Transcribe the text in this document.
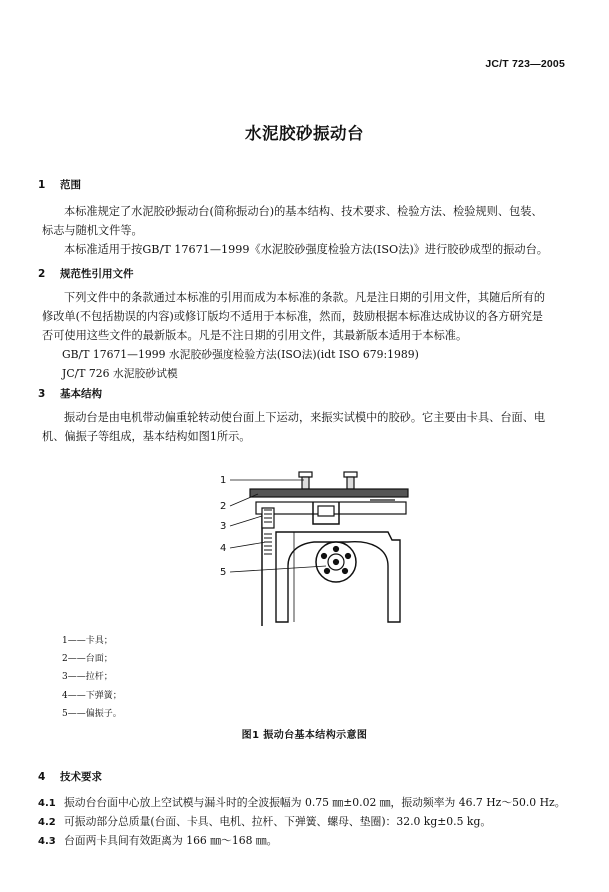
JC/T 723—2005
水泥胶砂振动台
1 范围
本标准规定了水泥胶砂振动台(简称振动台)的基本结构、技术要求、检验方法、检验规则、包装、
标志与随机文件等。
本标准适用于按GB/T 17671—1999《水泥胶砂强度检验方法(ISO法)》进行胶砂成型的振动台。
2 规范性引用文件
下列文件中的条款通过本标准的引用而成为本标准的条款。凡是注日期的引用文件，其随后所有的
修改单(不包括勘误的内容)或修订版均不适用于本标准，然而，鼓励根据本标准达成协议的各方研究是
否可使用这些文件的最新版本。凡是不注日期的引用文件，其最新版本适用于本标准。
GB/T 17671—1999 水泥胶砂强度检验方法(ISO法)(idt ISO 679:1989)
JC/T 726 水泥胶砂试模
3 基本结构
振动台是由电机带动偏重轮转动使台面上下运动，来振实试模中的胶砂。它主要由卡具、台面、电
机、偏振子等组成，基本结构如图1所示。
1
2
3
4
5
1——卡具；
2——台面；
3——拉杆；
4——下弹簧；
5——偏振子。
图1 振动台基本结构示意图
4 技术要求
4.1 振动台台面中心放上空试模与漏斗时的全波振幅为 0.75 ㎜±0.02 ㎜，振动频率为 46.7 Hz～50.0 Hz。
4.2 可振动部分总质量(台面、卡具、电机、拉杆、下弹簧、螺母、垫圈)：32.0 kg±0.5 kg。
4.3 台面两卡具间有效距离为 166 ㎜～168 ㎜。
